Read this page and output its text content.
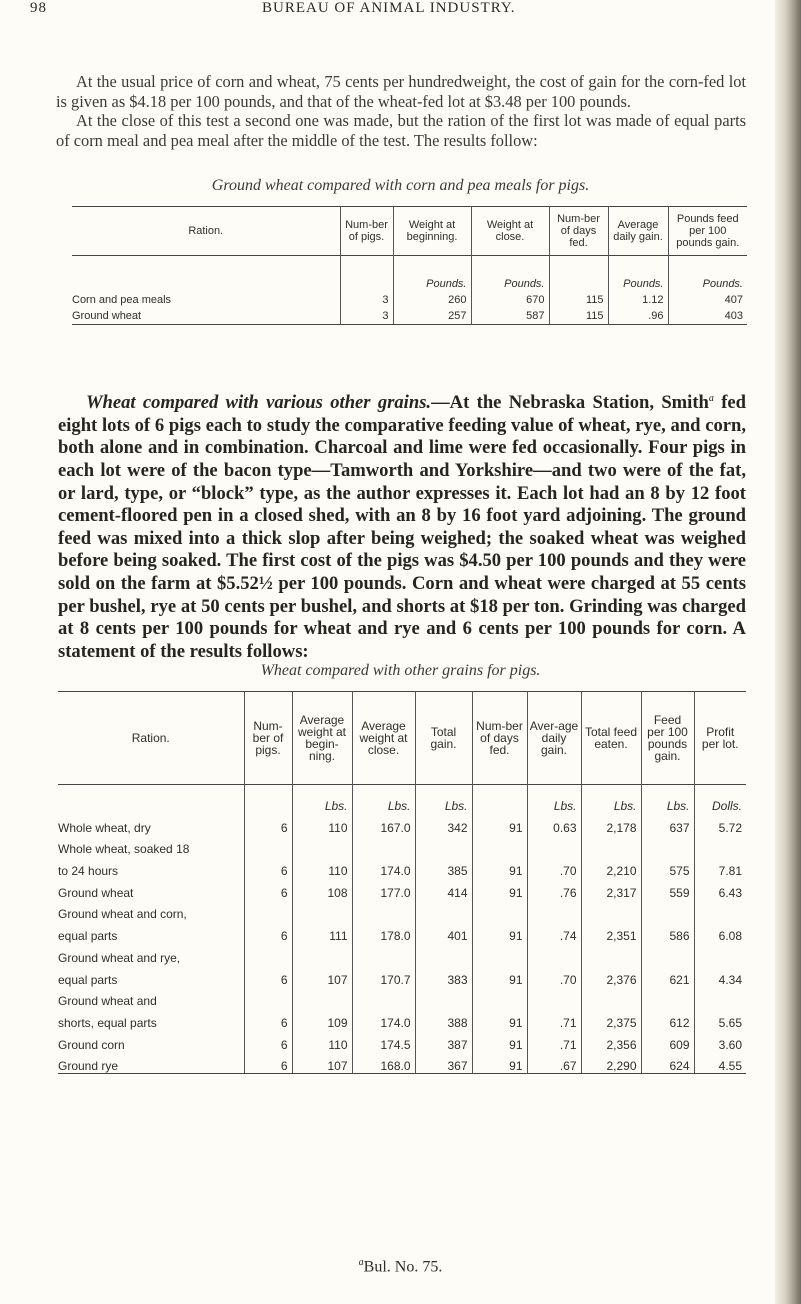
98	BUREAU OF ANIMAL INDUSTRY.

At the usual price of corn and wheat, 75 cents per hundredweight, the cost of gain for the corn-fed lot is given as $4.18 per 100 pounds, and that of the wheat-fed lot at $3.48 per 100 pounds.

At the close of this test a second one was made, but the ration of the first lot was made of equal parts of corn meal and pea meal after the middle of the test. The results follow:

Ground wheat compared with corn and pea meals for pigs.
Ration.	Num-ber of pigs.	Weight at beginning.	Weight at close.	Num-ber of days fed.	Average daily gain.	Pounds feed per 100 pounds gain.
		Pounds.	Pounds.		Pounds.	Pounds.
Corn and pea meals	3	260	670	115	1.12	407
Ground wheat	3	257	587	115	.96	403

Wheat compared with various other grains.—At the Nebraska Station, Smith$^a$ fed eight lots of 6 pigs each to study the comparative feeding value of wheat, rye, and corn, both alone and in combination. Charcoal and lime were fed occasionally. Four pigs in each lot were of the bacon type—Tamworth and Yorkshire—and two were of the fat, or lard, type, or “block” type, as the author expresses it. Each lot had an 8 by 12 foot cement-floored pen in a closed shed, with an 8 by 16 foot yard adjoining. The ground feed was mixed into a thick slop after being weighed; the soaked wheat was weighed before being soaked. The first cost of the pigs was $4.50 per 100 pounds and they were sold on the farm at $5.52½ per 100 pounds. Corn and wheat were charged at 55 cents per bushel, rye at 50 cents per bushel, and shorts at $18 per ton. Grinding was charged at 8 cents per 100 pounds for wheat and rye and 6 cents per 100 pounds for corn. A statement of the results follows:

Wheat compared with other grains for pigs.
Ration.	Num-ber of pigs.	Average weight at begin-ning.	Average weight at close.	Total gain.	Num-ber of days fed.	Aver-age daily gain.	Total feed eaten.	Feed per 100 pounds gain.	Profit per lot.
		Lbs.	Lbs.	Lbs.		Lbs.	Lbs.	Lbs.	Dolls.
Whole wheat, dry	6	110	167.0	342	91	0.63	2,178	637	5.72
Whole wheat, soaked 18									
to 24 hours	6	110	174.0	385	91	.70	2,210	575	7.81
Ground wheat	6	108	177.0	414	91	.76	2,317	559	6.43
Ground wheat and corn,									
equal parts	6	111	178.0	401	91	.74	2,351	586	6.08
Ground wheat and rye,									
equal parts	6	107	170.7	383	91	.70	2,376	621	4.34
Ground wheat and									
shorts, equal parts	6	109	174.0	388	91	.71	2,375	612	5.65
Ground corn	6	110	174.5	387	91	.71	2,356	609	3.60
Ground rye	6	107	168.0	367	91	.67	2,290	624	4.55
$^a$Bul. No. 75.
